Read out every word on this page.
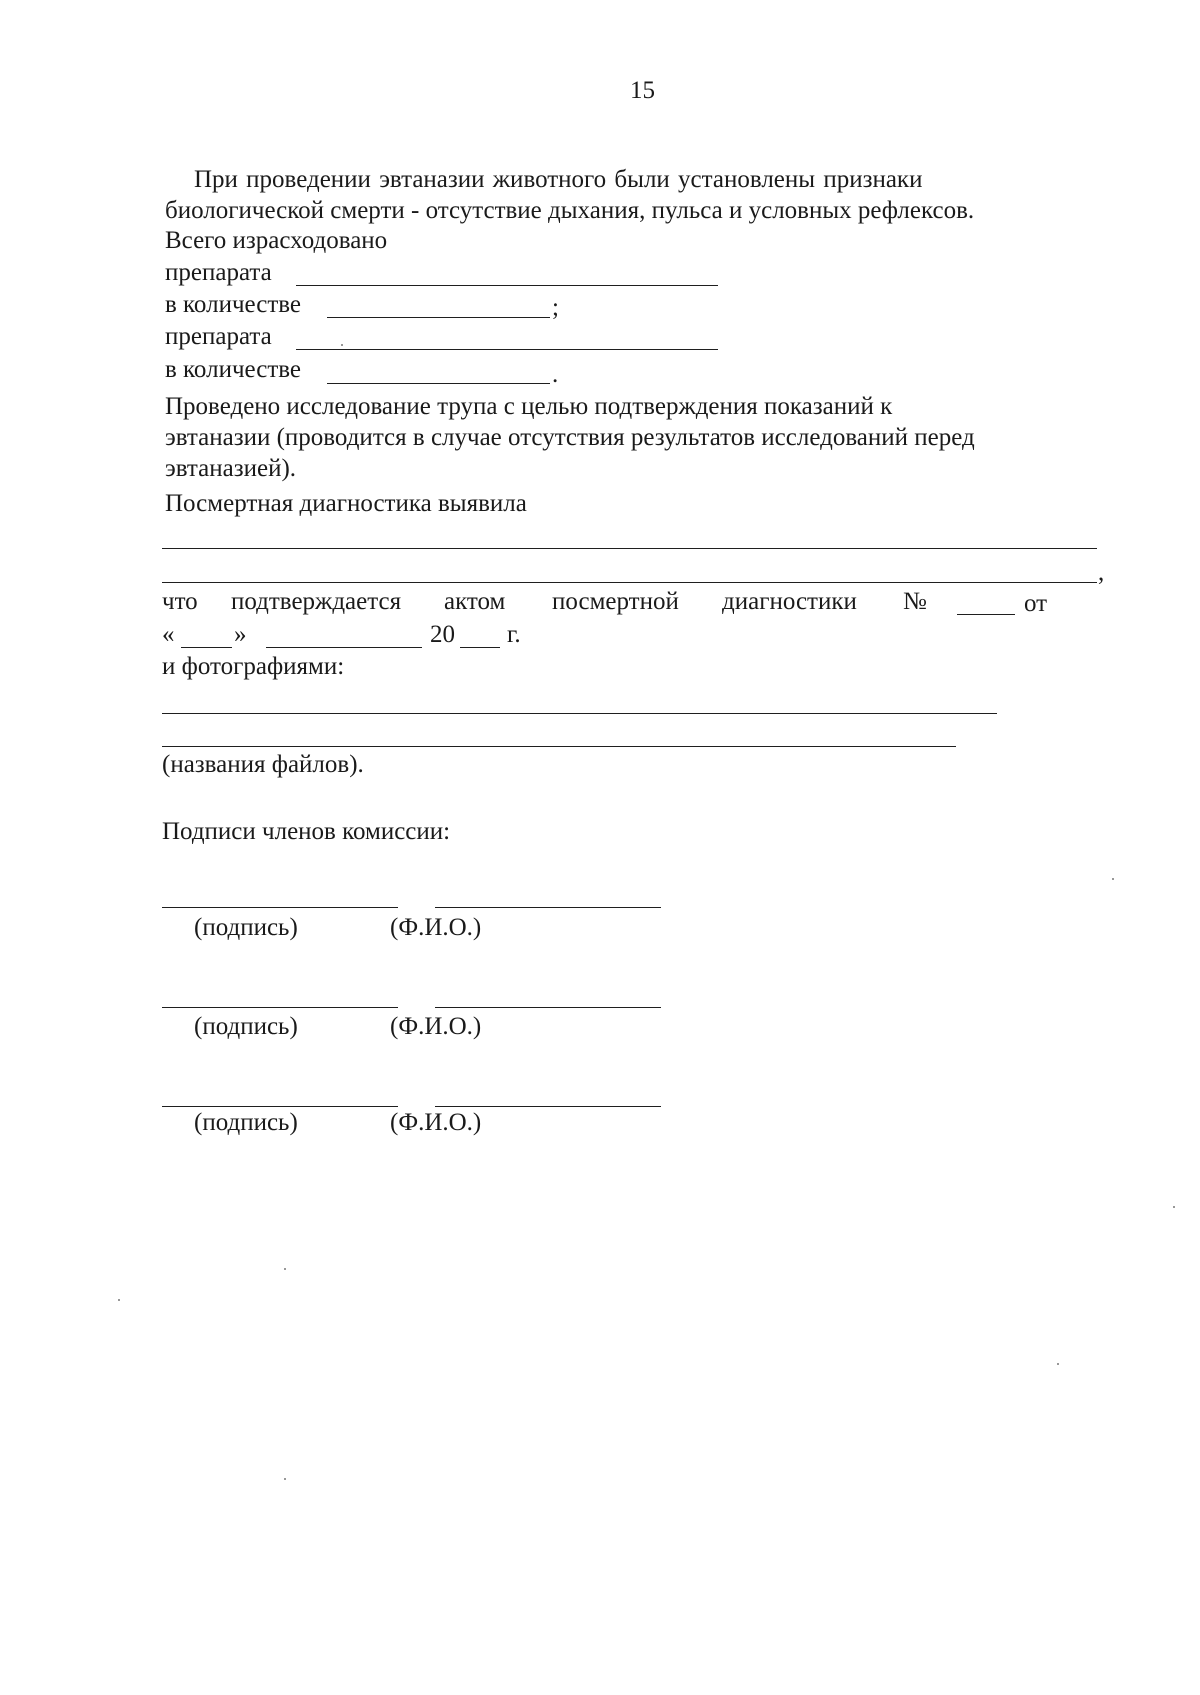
15
При проведении эвтаназии животного были установлены признаки
биологической смерти - отсутствие дыхания, пульса и условных рефлексов.
Всего израсходовано
препарата
в количестве	;
препарата
в количестве	.
Проведено исследование трупа с целью подтверждения показаний к
эвтаназии (проводится в случае отсутствия результатов исследований перед
эвтаназией).
Посмертная диагностика выявила
,
что подтверждается актом посмертной диагностики №	от
« »	20 г.
и фотографиями:
(названия файлов).
Подписи членов комиссии:
(подпись)	(Ф.И.О.)
(подпись)	(Ф.И.О.)
(подпись)	(Ф.И.О.)
